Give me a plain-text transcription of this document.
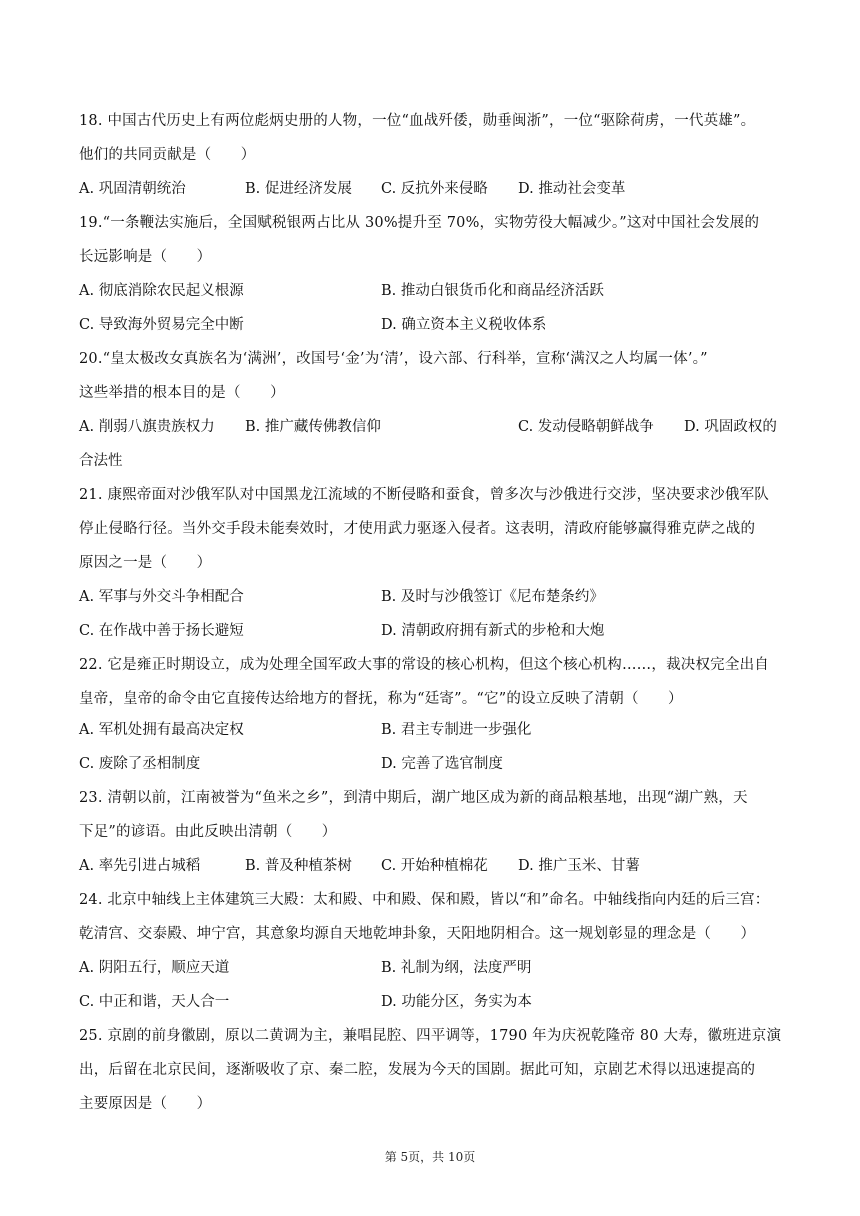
18. 中国古代历史上有两位彪炳史册的人物，一位“血战歼倭，勋垂闽浙”，一位“驱除荷虏，一代英雄”。
他们的共同贡献是（　　）
A. 巩固清朝统治	B. 促进经济发展 C. 反抗外来侵略 D. 推动社会变革
19.“一条鞭法实施后，全国赋税银两占比从 30%提升至 70%，实物劳役大幅减少。”这对中国社会发展的
长远影响是（　　）
A. 彻底消除农民起义根源	B. 推动白银货币化和商品经济活跃
C. 导致海外贸易完全中断	D. 确立资本主义税收体系
20.“皇太极改女真族名为‘满洲’，改国号‘金’为‘清’，设六部、行科举，宣称‘满汉之人均属一体’。”
这些举措的根本目的是（　　）
A. 削弱八旗贵族权力 B. 推广藏传佛教信仰	C. 发动侵略朝鲜战争 D. 巩固政权的
合法性
21. 康熙帝面对沙俄军队对中国黑龙江流域的不断侵略和蚕食，曾多次与沙俄进行交涉，坚决要求沙俄军队
停止侵略行径。当外交手段未能奏效时，才使用武力驱逐入侵者。这表明，清政府能够赢得雅克萨之战的
原因之一是（　　）
A. 军事与外交斗争相配合	B. 及时与沙俄签订《尼布楚条约》
C. 在作战中善于扬长避短	D. 清朝政府拥有新式的步枪和大炮
22. 它是雍正时期设立，成为处理全国军政大事的常设的核心机构，但这个核心机构……，裁决权完全出自
皇帝，皇帝的命令由它直接传达给地方的督抚，称为“廷寄”。“它”的设立反映了清朝（　　）
A. 军机处拥有最高决定权	B. 君主专制进一步强化
C. 废除了丞相制度	D. 完善了选官制度
23. 清朝以前，江南被誉为“鱼米之乡”，到清中期后，湖广地区成为新的商品粮基地，出现“湖广熟，天
下足”的谚语。由此反映出清朝（　　）
A. 率先引进占城稻	B. 普及种植茶树 C. 开始种植棉花 D. 推广玉米、甘薯
24. 北京中轴线上主体建筑三大殿：太和殿、中和殿、保和殿，皆以“和”命名。中轴线指向内廷的后三宫：
乾清宫、交泰殿、坤宁宫，其意象均源自天地乾坤卦象，天阳地阴相合。这一规划彰显的理念是（　　）
A. 阴阳五行，顺应天道	B. 礼制为纲，法度严明
C. 中正和谐，天人合一	D. 功能分区，务实为本
25. 京剧的前身徽剧，原以二黄调为主，兼唱昆腔、四平调等，1790 年为庆祝乾隆帝 80 大寿，徽班进京演
出，后留在北京民间，逐渐吸收了京、秦二腔，发展为今天的国剧。据此可知，京剧艺术得以迅速提高的
主要原因是（　　）
第 5页，共 10页
